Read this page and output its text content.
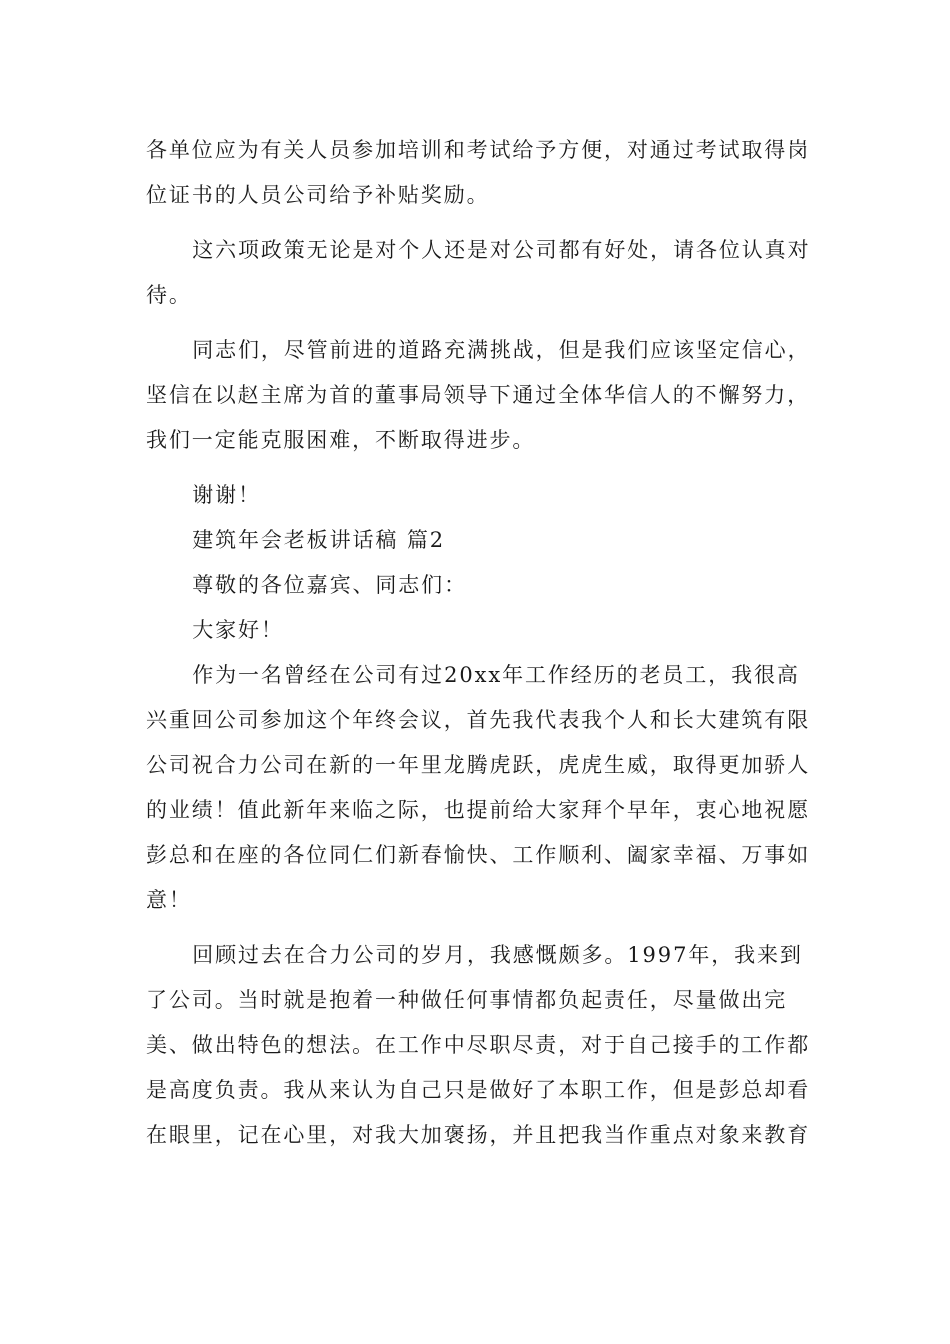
各单位应为有关人员参加培训和考试给予方便，对通过考试取得岗
位证书的人员公司给予补贴奖励。

这六项政策无论是对个人还是对公司都有好处，请各位认真对
待。

同志们，尽管前进的道路充满挑战，但是我们应该坚定信心，
坚信在以赵主席为首的董事局领导下通过全体华信人的不懈努力，
我们一定能克服困难，不断取得进步。

谢谢！

建筑年会老板讲话稿 篇2

尊敬的各位嘉宾、同志们：

大家好！

作为一名曾经在公司有过20xx年工作经历的老员工，我很高
兴重回公司参加这个年终会议，首先我代表我个人和长大建筑有限
公司祝合力公司在新的一年里龙腾虎跃，虎虎生威，取得更加骄人
的业绩！值此新年来临之际，也提前给大家拜个早年，衷心地祝愿
彭总和在座的各位同仁们新春愉快、工作顺利、阖家幸福、万事如
意！

回顾过去在合力公司的岁月，我感慨颇多。1997年，我来到
了公司。当时就是抱着一种做任何事情都负起责任，尽量做出完
美、做出特色的想法。在工作中尽职尽责，对于自己接手的工作都
是高度负责。我从来认为自己只是做好了本职工作，但是彭总却看
在眼里，记在心里，对我大加褒扬，并且把我当作重点对象来教育
